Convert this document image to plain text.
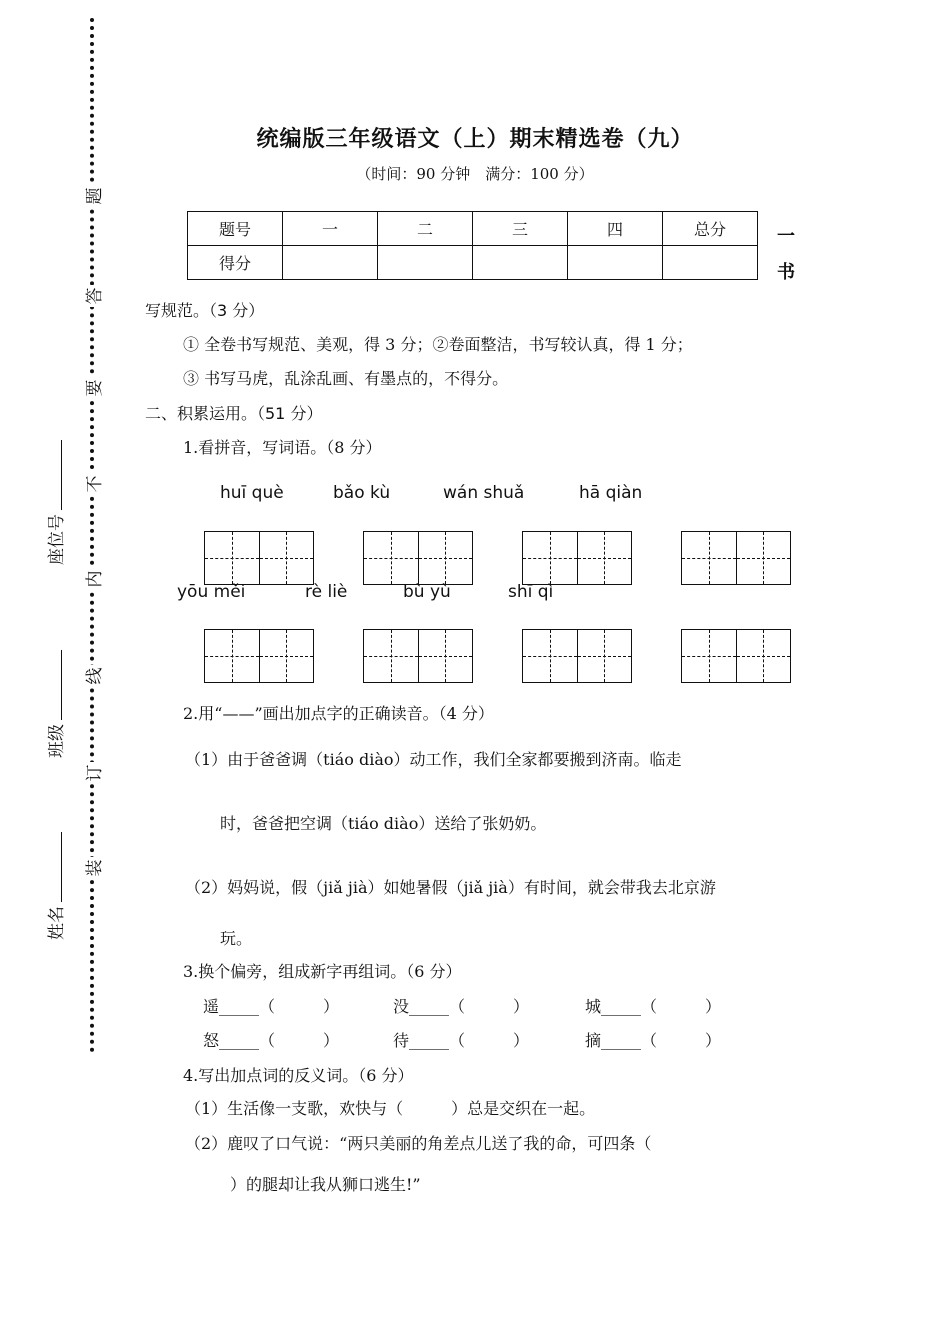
题
答
要
不
内
线
订
装
座位号
班级
姓名
统编版三年级语文（上）期末精选卷（九）
（时间：90 分钟　满分：100 分）
题号	一	二	三	四	总分
得分					
一
书
写规范。（3 分）
① 全卷书写规范、美观，得 3 分；②卷面整洁，书写较认真，得 1 分；
③ 书写马虎，乱涂乱画、有墨点的，不得分。
二、积累运用。（51 分）
1.看拼音，写词语。（8 分）
huī què	bǎo kù	wán shuǎ	hā qiàn
yōu měi	rè liè	bù yù	shī qì
2.用“——”画出加点字的正确读音。（4 分）
（1）由于爸爸调（tiáo diào）动工作，我们全家都要搬到济南。临走
时，爸爸把空调（tiáo diào）送给了张奶奶。
（2）妈妈说，假（jiǎ jià）如她暑假（jiǎ jià）有时间，就会带我去北京游
玩。
3.换个偏旁，组成新字再组词。（6 分）
遥_____（　　　）	没_____（　　　）	城_____（　　　）
怒_____（　　　）	待_____（　　　）	摘_____（　　　）
4.写出加点词的反义词。（6 分）
（1）生活像一支歌，欢快与（　　　）总是交织在一起。
（2）鹿叹了口气说：“两只美丽的角差点儿送了我的命，可四条（
）的腿却让我从狮口逃生!”
